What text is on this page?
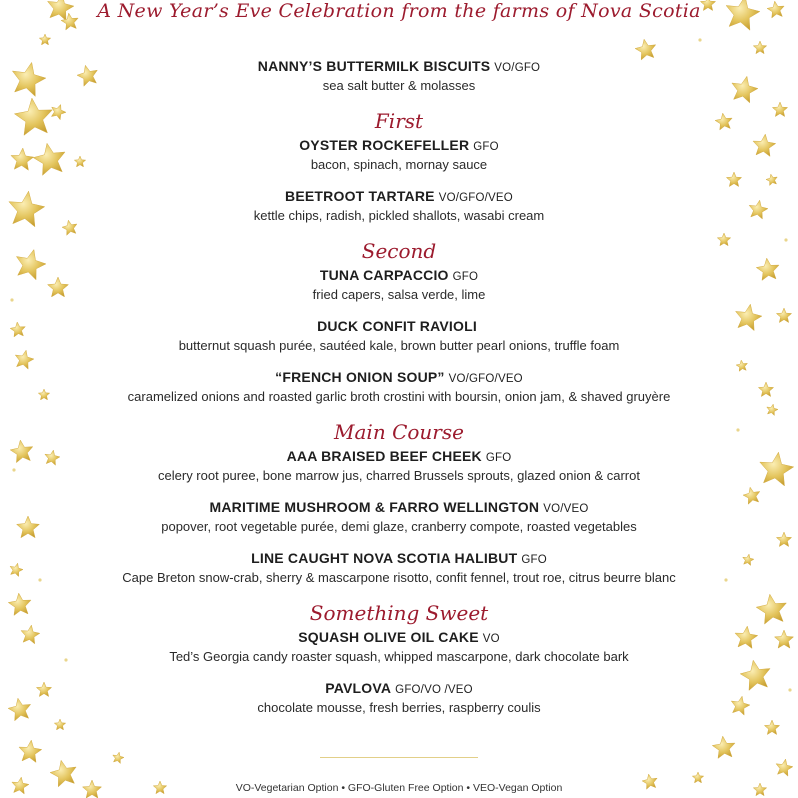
A New Year’s Eve Celebration from the farms of Nova Scotia
NANNY’S BUTTERMILK BISCUITS VO/GFO
sea salt butter & molasses
First
OYSTER ROCKEFELLER GFO
bacon, spinach, mornay sauce
BEETROOT TARTARE VO/GFO/VEO
kettle chips, radish, pickled shallots, wasabi cream
Second
TUNA CARPACCIO GFO
fried capers, salsa verde, lime
DUCK CONFIT RAVIOLI
butternut squash purée, sautéed kale, brown butter pearl onions, truffle foam
“FRENCH ONION SOUP” VO/GFO/VEO
caramelized onions and roasted garlic broth crostini with boursin, onion jam, & shaved gruyère
Main Course
AAA BRAISED BEEF CHEEK GFO
celery root puree, bone marrow jus, charred Brussels sprouts, glazed onion & carrot
MARITIME MUSHROOM & FARRO WELLINGTON VO/VEO
popover, root vegetable purée, demi glaze, cranberry compote, roasted vegetables
LINE CAUGHT NOVA SCOTIA HALIBUT GFO
Cape Breton snow-crab, sherry & mascarpone risotto, confit fennel, trout roe, citrus beurre blanc
Something Sweet
SQUASH OLIVE OIL CAKE VO
Ted’s Georgia candy roaster squash, whipped mascarpone, dark chocolate bark
PAVLOVA GFO/VO /VEO
chocolate mousse, fresh berries, raspberry coulis
VO-Vegetarian Option • GFO-Gluten Free Option • VEO-Vegan Option
